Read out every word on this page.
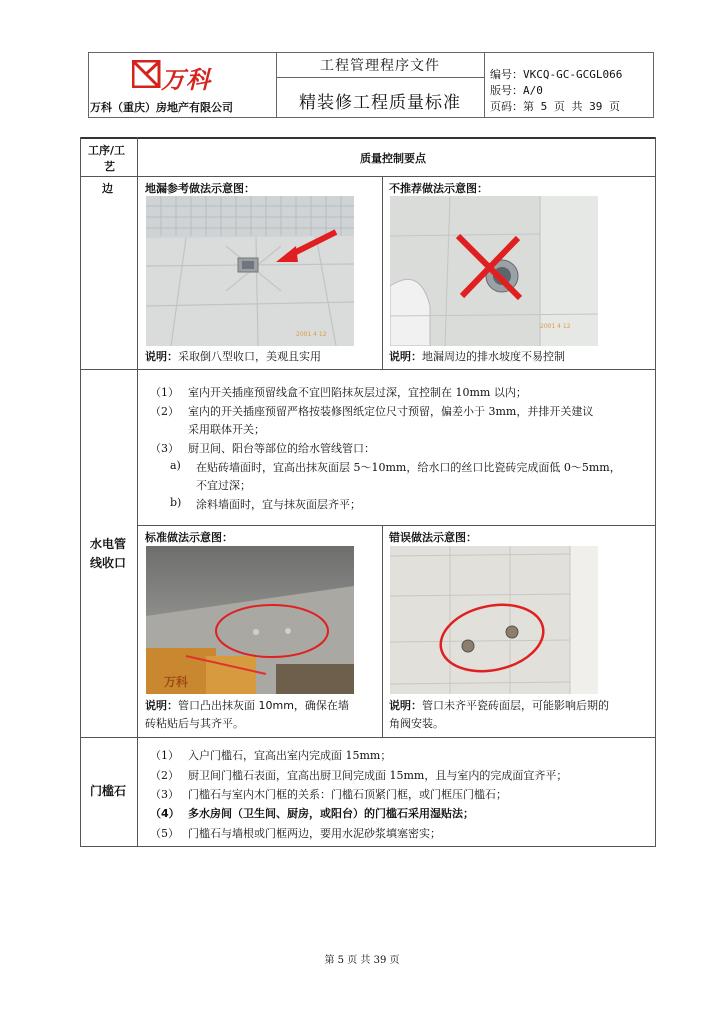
万科
万科（重庆）房地产有限公司
工程管理程序文件
精装修工程质量标准
编号：VKCQ-GC-GCGL066
版号：A/0
页码：第 5 页 共 39 页
工序/工
艺
质量控制要点
边	地漏参考做法示意图：	不推荐做法示意图：
2001 4 12
2001 4 12
说明：采取倒八型收口，美观且实用	说明：地漏周边的排水坡度不易控制
水电管
线收口
（1） 室内开关插座预留线盒不宜凹陷抹灰层过深，宜控制在 10mm 以内；
（2） 室内的开关插座预留严格按装修图纸定位尺寸预留，偏差小于 3mm，并排开关建议
采用联体开关；
（3） 厨卫间、阳台等部位的给水管线管口：
a) 在贴砖墙面时，宜高出抹灰面层 5～10mm，给水口的丝口比瓷砖完成面低 0～5mm，
不宜过深；
b) 涂料墙面时，宜与抹灰面层齐平；
标准做法示意图：	错误做法示意图：
万科
说明：管口凸出抹灰面 10mm，确保在墙
砖粘贴后与其齐平。
说明：管口未齐平瓷砖面层，可能影响后期的
角阀安装。
门槛石
（1） 入户门槛石，宜高出室内完成面 15mm；
（2） 厨卫间门槛石表面，宜高出厨卫间完成面 15mm，且与室内的完成面宜齐平；
（3） 门槛石与室内木门框的关系：门槛石顶紧门框，或门框压门槛石；
（4） 多水房间（卫生间、厨房，或阳台）的门槛石采用湿贴法；
（5） 门槛石与墙根或门框两边，要用水泥砂浆填塞密实；
第 5 页 共 39 页
